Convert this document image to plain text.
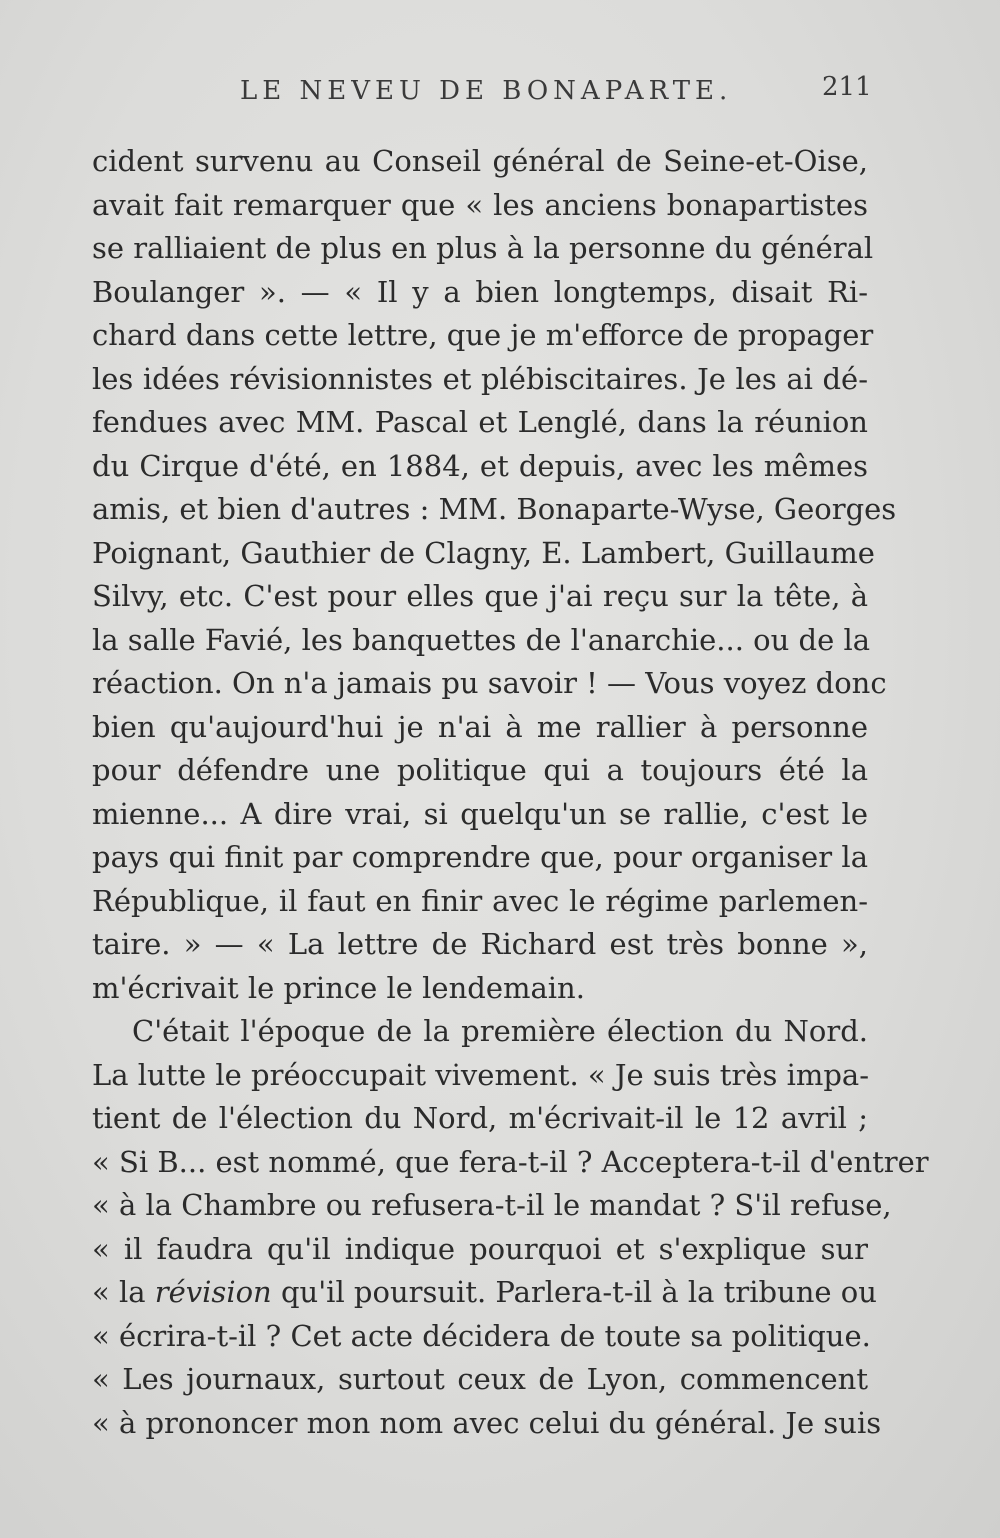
LE NEVEU DE BONAPARTE.	211
cident survenu au Conseil général de Seine-et-Oise,
avait fait remarquer que « les anciens bonapartistes
se ralliaient de plus en plus à la personne du général
Boulanger ». — « Il y a bien longtemps, disait Ri-
chard dans cette lettre, que je m'efforce de propager
les idées révisionnistes et plébiscitaires. Je les ai dé-
fendues avec MM. Pascal et Lenglé, dans la réunion
du Cirque d'été, en 1884, et depuis, avec les mêmes
amis, et bien d'autres : MM. Bonaparte-Wyse, Georges
Poignant, Gauthier de Clagny, E. Lambert, Guillaume
Silvy, etc. C'est pour elles que j'ai reçu sur la tête, à
la salle Favié, les banquettes de l'anarchie... ou de la
réaction. On n'a jamais pu savoir ! — Vous voyez donc
bien qu'aujourd'hui je n'ai à me rallier à personne
pour défendre une politique qui a toujours été la
mienne... A dire vrai, si quelqu'un se rallie, c'est le
pays qui finit par comprendre que, pour organiser la
République, il faut en finir avec le régime parlemen-
taire. » — « La lettre de Richard est très bonne »,
m'écrivait le prince le lendemain.
C'était l'époque de la première élection du Nord.
La lutte le préoccupait vivement. « Je suis très impa-
tient de l'élection du Nord, m'écrivait-il le 12 avril ;
« Si B... est nommé, que fera-t-il ? Acceptera-t-il d'entrer
« à la Chambre ou refusera-t-il le mandat ? S'il refuse,
« il faudra qu'il indique pourquoi et s'explique sur
« la révision qu'il poursuit. Parlera-t-il à la tribune ou
« écrira-t-il ? Cet acte décidera de toute sa politique.
« Les journaux, surtout ceux de Lyon, commencent
« à prononcer mon nom avec celui du général. Je suis
